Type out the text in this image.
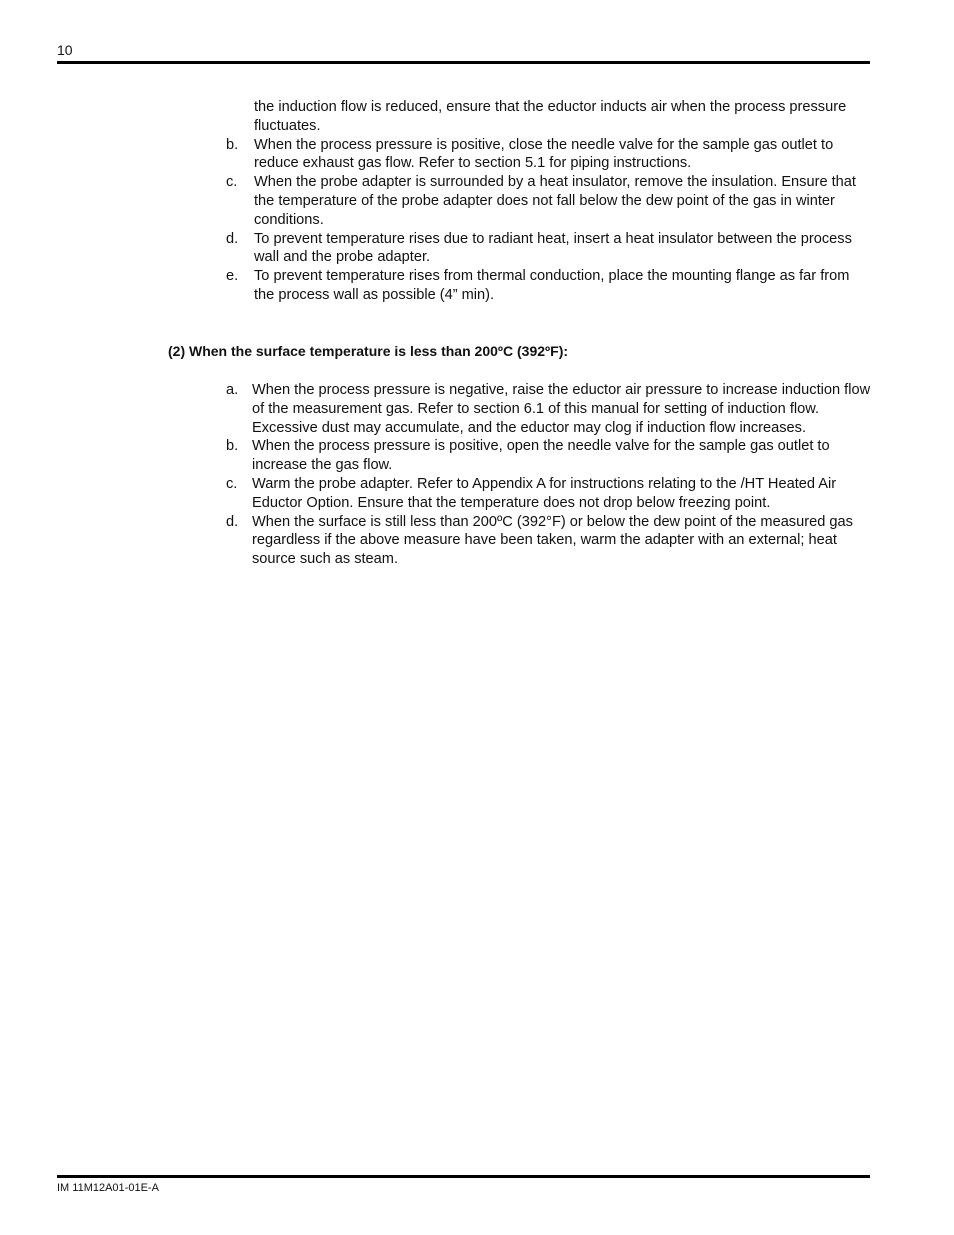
10
the induction flow is reduced, ensure that the eductor inducts air when the process pressure fluctuates.
b. When the process pressure is positive, close the needle valve for the sample gas outlet to reduce exhaust gas flow. Refer to section 5.1 for piping instructions.
c. When the probe adapter is surrounded by a heat insulator, remove the insulation. Ensure that the temperature of the probe adapter does not fall below the dew point of the gas in winter conditions.
d. To prevent temperature rises due to radiant heat, insert a heat insulator between the process wall and the probe adapter.
e. To prevent temperature rises from thermal conduction, place the mounting flange as far from the process wall as possible (4” min).
(2) When the surface temperature is less than 200ºC (392ºF):
a. When the process pressure is negative, raise the eductor air pressure to increase induction flow of the measurement gas. Refer to section 6.1 of this manual for setting of induction flow. Excessive dust may accumulate, and the eductor may clog if induction flow increases.
b. When the process pressure is positive, open the needle valve for the sample gas outlet to increase the gas flow.
c. Warm the probe adapter. Refer to Appendix A for instructions relating to the /HT Heated Air Eductor Option. Ensure that the temperature does not drop below freezing point.
d. When the surface is still less than 200ºC (392°F) or below the dew point of the measured gas regardless if the above measure have been taken, warm the adapter with an external; heat source such as steam.
IM 11M12A01-01E-A
